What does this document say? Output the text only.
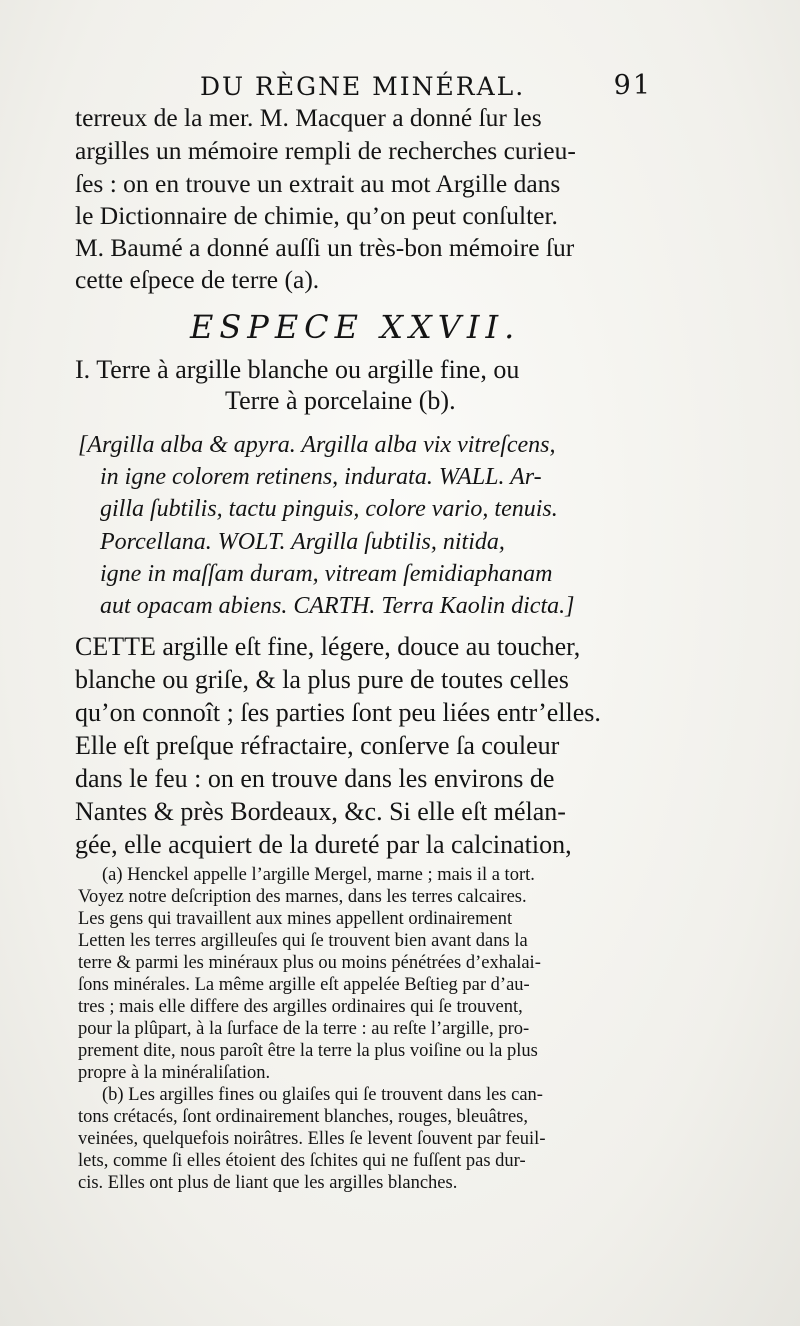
DU RÈGNE MINÉRAL.	91
terreux de la mer. M. Macquer a donné ſur les
argilles un mémoire rempli de recherches curieu-
ſes : on en trouve un extrait au mot Argille dans
le Dictionnaire de chimie, qu’on peut conſulter.
M. Baumé a donné auſſi un très-bon mémoire ſur
cette eſpece de terre (a).
ESPECE XXVII.
I. Terre à argille blanche ou argille fine, ou
Terre à porcelaine (b).
[Argilla alba & apyra. Argilla alba vix vitreſcens,
in igne colorem retinens, indurata. WALL. Ar-
gilla ſubtilis, tactu pinguis, colore vario, tenuis.
Porcellana. WOLT. Argilla ſubtilis, nitida,
igne in maſſam duram, vitream ſemidiaphanam
aut opacam abiens. CARTH. Terra Kaolin dicta.]
CETTE argille eſt fine, légere, douce au toucher,
blanche ou griſe, & la plus pure de toutes celles
qu’on connoît ; ſes parties ſont peu liées entr’elles.
Elle eſt preſque réfractaire, conſerve ſa couleur
dans le feu : on en trouve dans les environs de
Nantes & près Bordeaux, &c. Si elle eſt mélan-
gée, elle acquiert de la dureté par la calcination,
(a) Henckel appelle l’argille Mergel, marne ; mais il a tort.
Voyez notre deſcription des marnes, dans les terres calcaires.
Les gens qui travaillent aux mines appellent ordinairement
Letten les terres argilleuſes qui ſe trouvent bien avant dans la
terre & parmi les minéraux plus ou moins pénétrées d’exhalai-
ſons minérales. La même argille eſt appelée Beſtieg par d’au-
tres ; mais elle differe des argilles ordinaires qui ſe trouvent,
pour la plûpart, à la ſurface de la terre : au reſte l’argille, pro-
prement dite, nous paroît être la terre la plus voiſine ou la plus
propre à la minéraliſation.
(b) Les argilles fines ou glaiſes qui ſe trouvent dans les can-
tons crétacés, ſont ordinairement blanches, rouges, bleuâtres,
veinées, quelquefois noirâtres. Elles ſe levent ſouvent par feuil-
lets, comme ſi elles étoient des ſchites qui ne fuſſent pas dur-
cis. Elles ont plus de liant que les argilles blanches.
